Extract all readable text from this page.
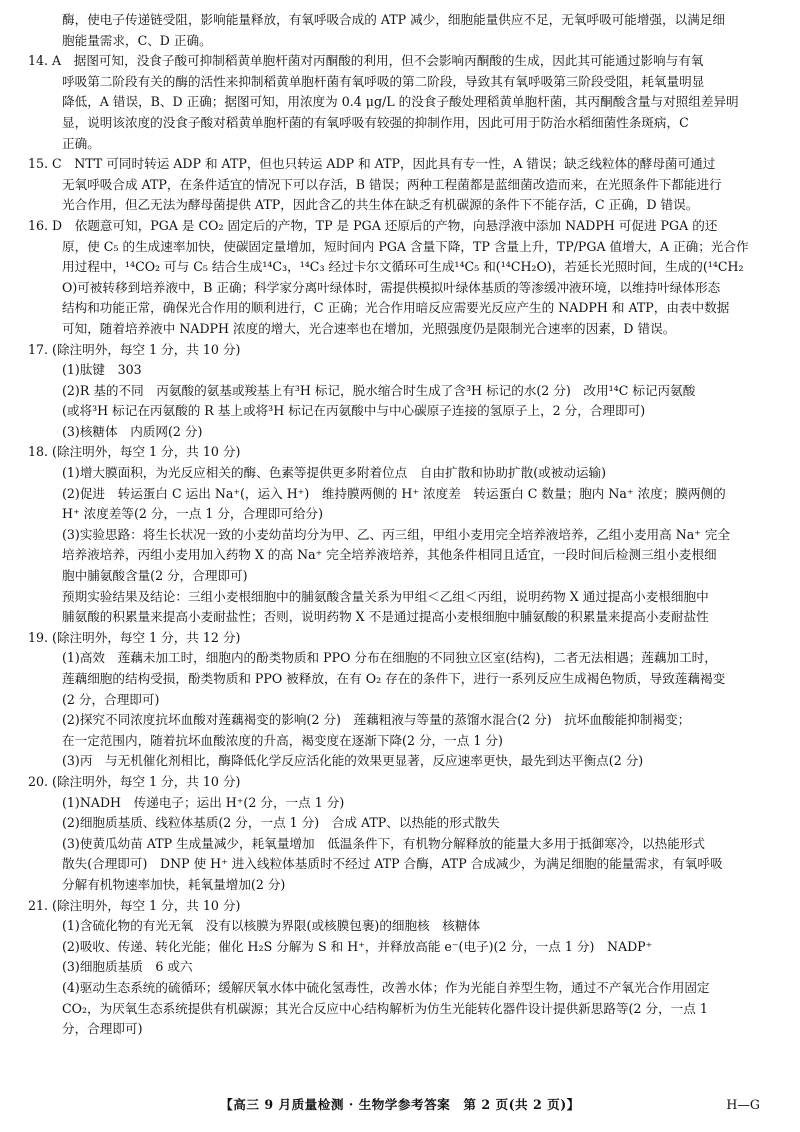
酶，使电子传递链受阻，影响能量释放，有氧呼吸合成的 ATP 减少，细胞能量供应不足，无氧呼吸可能增强，以满足细

胞能量需求，C、D 正确。

14. A　据图可知，没食子酸可抑制稻黄单胞杆菌对丙酮酸的利用，但不会影响丙酮酸的生成，因此其可能通过影响与有氧

呼吸第二阶段有关的酶的活性来抑制稻黄单胞杆菌有氧呼吸的第二阶段，导致其有氧呼吸第三阶段受阻，耗氧量明显

降低，A 错误，B、D 正确；据图可知，用浓度为 0.4 μg/L 的没食子酸处理稻黄单胞杆菌，其丙酮酸含量与对照组差异明

显，说明该浓度的没食子酸对稻黄单胞杆菌的有氧呼吸有较强的抑制作用，因此可用于防治水稻细菌性条斑病，C

正确。

15. C　NTT 可同时转运 ADP 和 ATP，但也只转运 ADP 和 ATP，因此具有专一性，A 错误；缺乏线粒体的酵母菌可通过

无氧呼吸合成 ATP，在条件适宜的情况下可以存活，B 错误；两种工程菌都是蓝细菌改造而来，在光照条件下都能进行

光合作用，但乙无法为酵母菌提供 ATP，因此含乙的共生体在缺乏有机碳源的条件下不能存活，C 正确，D 错误。

16. D　依题意可知，PGA 是 CO₂ 固定后的产物，TP 是 PGA 还原后的产物，向悬浮液中添加 NADPH 可促进 PGA 的还

原，使 C₅ 的生成速率加快，使碳固定量增加，短时间内 PGA 含量下降，TP 含量上升，TP/PGA 值增大，A 正确；光合作

用过程中，¹⁴CO₂ 可与 C₅ 结合生成¹⁴C₃，¹⁴C₃ 经过卡尔文循环可生成¹⁴C₅ 和(¹⁴CH₂O)，若延长光照时间，生成的(¹⁴CH₂

O)可被转移到培养液中，B 正确；科学家分离叶绿体时，需提供模拟叶绿体基质的等渗缓冲液环境，以维持叶绿体形态

结构和功能正常，确保光合作用的顺利进行，C 正确；光合作用暗反应需要光反应产生的 NADPH 和 ATP，由表中数据

可知，随着培养液中 NADPH 浓度的增大，光合速率也在增加，光照强度仍是限制光合速率的因素，D 错误。

17. (除注明外，每空 1 分，共 10 分)

(1)肽键　303

(2)R 基的不同　丙氨酸的氨基或羧基上有³H 标记，脱水缩合时生成了含³H 标记的水(2 分)　改用¹⁴C 标记丙氨酸

(或将³H 标记在丙氨酸的 R 基上或将³H 标记在丙氨酸中与中心碳原子连接的氢原子上，2 分，合理即可)

(3)核糖体　内质网(2 分)

18. (除注明外，每空 1 分，共 10 分)

(1)增大膜面积，为光反应相关的酶、色素等提供更多附着位点　自由扩散和协助扩散(或被动运输)

(2)促进　转运蛋白 C 运出 Na⁺(，运入 H⁺)　维持膜两侧的 H⁺ 浓度差　转运蛋白 C 数量；胞内 Na⁺ 浓度；膜两侧的

H⁺ 浓度差等(2 分，一点 1 分，合理即可给分)

(3)实验思路：将生长状况一致的小麦幼苗均分为甲、乙、丙三组，甲组小麦用完全培养液培养，乙组小麦用高 Na⁺ 完全

培养液培养，丙组小麦用加入药物 X 的高 Na⁺ 完全培养液培养，其他条件相同且适宜，一段时间后检测三组小麦根细

胞中脯氨酸含量(2 分，合理即可)

预期实验结果及结论：三组小麦根细胞中的脯氨酸含量关系为甲组＜乙组＜丙组，说明药物 X 通过提高小麦根细胞中

脯氨酸的积累量来提高小麦耐盐性；否则，说明药物 X 不是通过提高小麦根细胞中脯氨酸的积累量来提高小麦耐盐性

19. (除注明外，每空 1 分，共 12 分)

(1)高效　莲藕未加工时，细胞内的酚类物质和 PPO 分布在细胞的不同独立区室(结构)，二者无法相遇；莲藕加工时，

莲藕细胞的结构受损，酚类物质和 PPO 被释放，在有 O₂ 存在的条件下，进行一系列反应生成褐色物质，导致莲藕褐变

(2 分，合理即可)

(2)探究不同浓度抗坏血酸对莲藕褐变的影响(2 分)　莲藕粗液与等量的蒸馏水混合(2 分)　抗坏血酸能抑制褐变；

在一定范围内，随着抗坏血酸浓度的升高，褐变度在逐渐下降(2 分，一点 1 分)

(3)丙　与无机催化剂相比，酶降低化学反应活化能的效果更显著，反应速率更快，最先到达平衡点(2 分)

20. (除注明外，每空 1 分，共 10 分)

(1)NADH　传递电子；运出 H⁺(2 分，一点 1 分)

(2)细胞质基质、线粒体基质(2 分，一点 1 分)　合成 ATP、以热能的形式散失

(3)使黄瓜幼苗 ATP 生成量减少，耗氧量增加　低温条件下，有机物分解释放的能量大多用于抵御寒冷，以热能形式

散失(合理即可)　DNP 使 H⁺ 进入线粒体基质时不经过 ATP 合酶，ATP 合成减少，为满足细胞的能量需求，有氧呼吸

分解有机物速率加快，耗氧量增加(2 分)

21. (除注明外，每空 1 分，共 10 分)

(1)含硫化物的有光无氧　没有以核膜为界限(或核膜包裹)的细胞核　核糖体

(2)吸收、传递、转化光能；催化 H₂S 分解为 S 和 H⁺，并释放高能 e⁻(电子)(2 分，一点 1 分)　NADP⁺

(3)细胞质基质　6 或六

(4)驱动生态系统的硫循环；缓解厌氧水体中硫化氢毒性，改善水体；作为光能自养型生物，通过不产氧光合作用固定

CO₂，为厌氧生态系统提供有机碳源；其光合反应中心结构解析为仿生光能转化器件设计提供新思路等(2 分，一点 1

分，合理即可)

【高三 9 月质量检测 · 生物学参考答案　第 2 页(共 2 页)】	H—G
